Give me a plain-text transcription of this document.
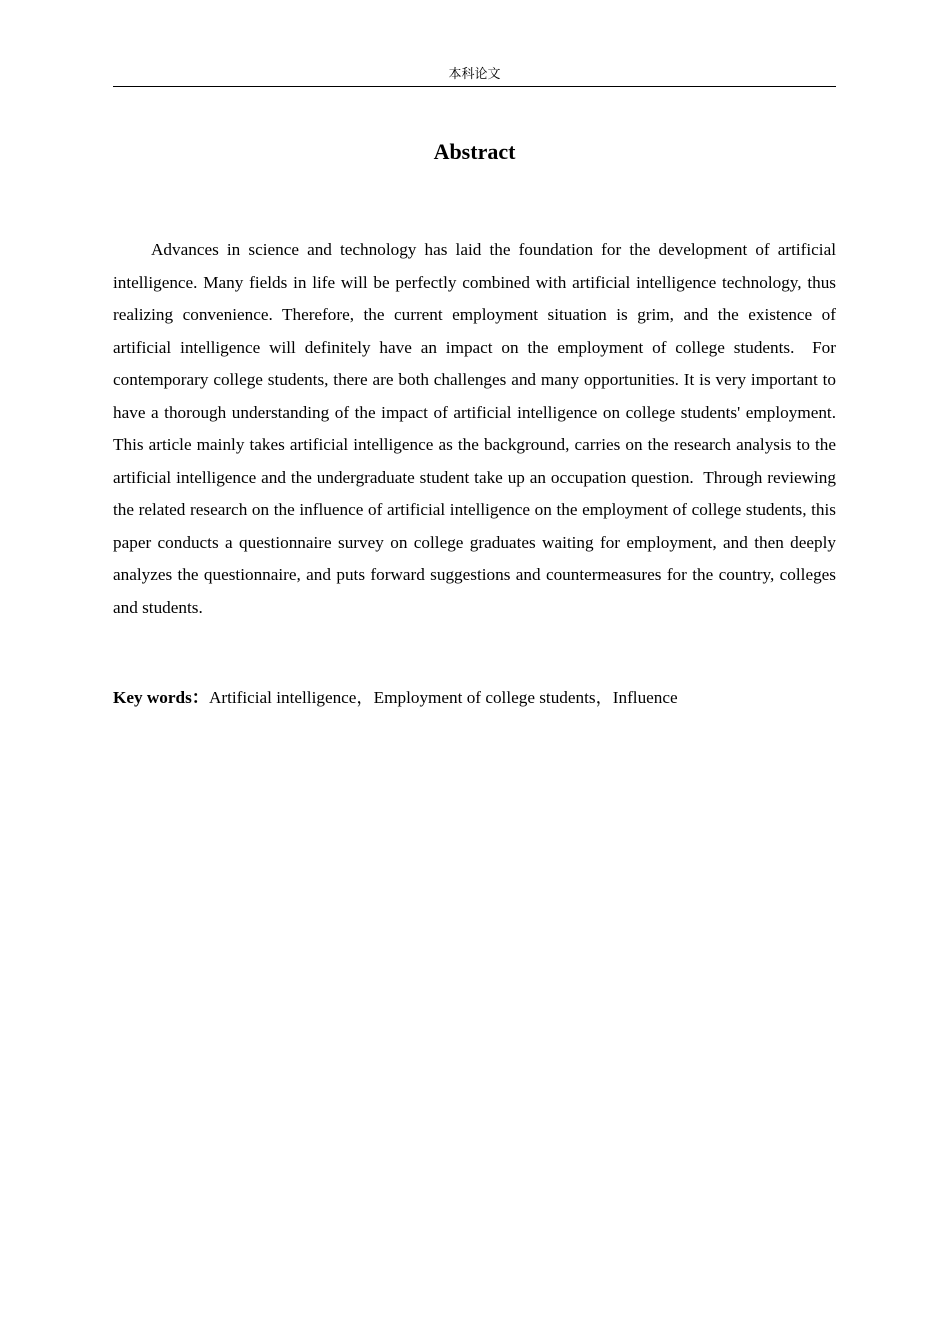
本科论文
Abstract

Advances in science and technology has laid the foundation for the development of artificial intelligence. Many fields in life will be perfectly combined with artificial intelligence technology, thus realizing convenience. Therefore, the current employment situation is grim, and the existence of artificial intelligence will definitely have an impact on the employment of college students.  For contemporary college students, there are both challenges and many opportunities. It is very important to have a thorough understanding of the impact of artificial intelligence on college students' employment. This article mainly takes artificial intelligence as the background, carries on the research analysis to the artificial intelligence and the undergraduate student take up an occupation question.  Through reviewing the related research on the influence of artificial intelligence on the employment of college students, this paper conducts a questionnaire survey on college graduates waiting for employment, and then deeply analyzes the questionnaire, and puts forward suggestions and countermeasures for the country, colleges and students.

Key words：Artificial intelligence，Employment of college students，Influence
